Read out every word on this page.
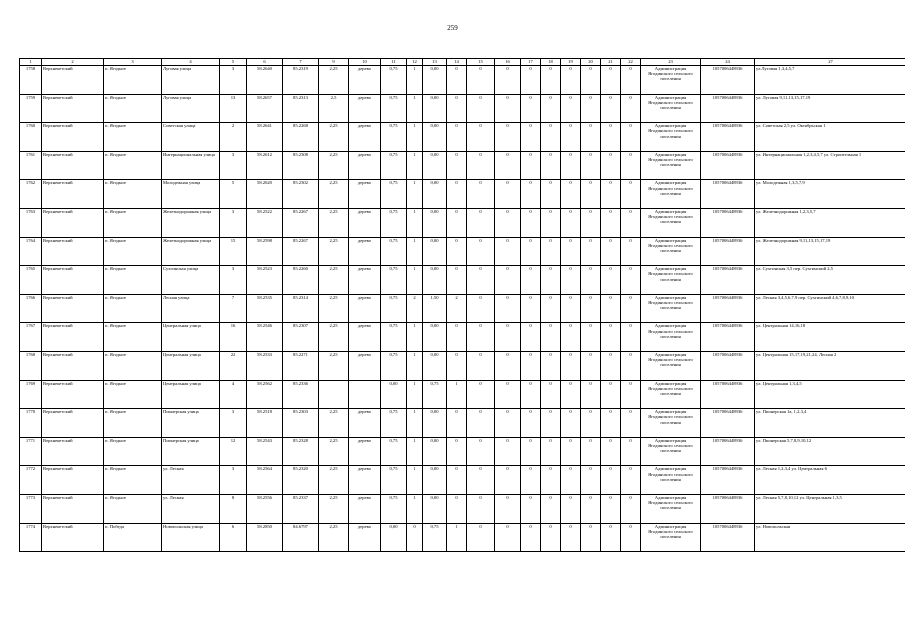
259
1	2	3	4	5	6	7	9	10	11	12	13	14	15	16	17	18	19	20	21	22	23	24	27
1758	Верхнекетский	п. Ягодное	Луговая улица	3	58.2640	85.2319	2,25	дерево	0,75	1	0,00	0	0	0	0	0	0	0	0	0	Администрация Ягодинского сельского поселения	1057006448936	ул.Луговая 1,3,4,5,7
1759	Верхнекетский	п. Ягодное	Луговая улица	13	58.2657	85.2313	2,5	дерево	0,75	1	0,00	0	0	0	0	0	0	0	0	0	Администрация Ягодинского сельского поселения	1057006448936	ул. Луговая 9,11,13,15,17,19
1760	Верхнекетский	п. Ягодное	Советская улица	2	58.2641	85.2268	2,25	дерево	0,75	1	0,00	0	0	0	0	0	0	0	0	0	Администрация Ягодинского сельского поселения	1057006448936	ул. Советская 2,5 ул. Октябрьская 1
1761	Верхнекетский	п. Ягодное	Интернациональная улица	3	58.2612	85.2308	2,25	дерево	0,75	1	0,00	0	0	0	0	0	0	0	0	0	Администрация Ягодинского сельского поселения	1057006448936	ул. Интернациональная 1,2,3,4,5,7 ул. Строительная 1
1762	Верхнекетский	п. Ягодное	Молодежная улица	5	58.2620	85.2302	2,25	дерево	0,75	1	0,00	0	0	0	0	0	0	0	0	0	Администрация Ягодинского сельского поселения	1057006448936	ул. Молодежная 1,3,5,7,9
1763	Верхнекетский	п. Ягодное	Железнодорожная улица	3	58.2522	85.2267	2,25	дерево	0,75	1	0,00	0	0	0	0	0	0	0	0	0	Администрация Ягодинского сельского поселения	1057006448936	ул. Железнодорожная 1,2,3,5,7
1764	Верхнекетский	п. Ягодное	Железнодорожная улица	15	58.2598	85.2267	2,25	дерево	0,75	1	0,00	0	0	0	0	0	0	0	0	0	Администрация Ягодинского сельского поселения	1057006448936	ул. Железнодорожная 9,11,13,15,17,19
1765	Верхнекетский	п. Ягодное	Сухгинская улица	3	58.2523	85.2260	2,25	дерево	0,75	1	0,00	0	0	0	0	0	0	0	0	0	Администрация Ягодинского сельского поселения	1057006448936	ул. Сухгинская 3,5 пер. Сухгинский 2,5
1766	Верхнекетский	п. Ягодное	Лесная улица	7	58.2535	85.2314	2,25	дерево	0,75	2	1,50	2	0	0	0	0	0	0	0	0	Администрация Ягодинского сельского поселения	1057006448936	ул. Лесная 3,4,5,6,7,9 пер. Сухгинский 4,6,7,8,9,10
1767	Верхнекетский	п. Ягодное	Центральная улица	16	58.2546	85.2307	2,25	дерево	0,75	1	0,00	0	0	0	0	0	0	0	0	0	Администрация Ягодинского сельского поселения	1057006448936	ул. Центральная 14,16,18
1768	Верхнекетский	п. Ягодное	Центральная улица	22	58.2533	85.2271	2,25	дерево	0,75	1	0,00	0	0	0	0	0	0	0	0	0	Администрация Ягодинского сельского поселения	1057006448936	ул. Центральная 15,17,19,21,24, Лесная 2
1769	Верхнекетский	п. Ягодное	Центральная улица	4	58.2562	85.2336			0,00	1	0,75	1	0	0	0	0	0	0	0	0	Администрация Ягодинского сельского поселения	1057006448936	ул. Центральная 1,3,4,5
1770	Верхнекетский	п. Ягодное	Пионерская улица	3	58.2518	85.2303	2,25	дерево	0,75	1	0,00	0	0	0	0	0	0	0	0	0	Администрация Ягодинского сельского поселения	1057006448936	ул. Пионерская 1а, 1,2,3,4
1771	Верхнекетский	п. Ягодное	Пионерская улица	12	58.2543	85.2328	2,25	дерево	0,75	1	0,00	0	0	0	0	0	0	0	0	0	Администрация Ягодинского сельского поселения	1057006448936	ул. Пионерская 5,7,8,9,10,12
1772	Верхнекетский	п. Ягодное	ул. Лесная	3	58.2564	85.2320	2,25	дерево	0,75	1	0,00	0	0	0	0	0	0	0	0	0	Администрация Ягодинского сельского поселения	1057006448936	ул. Лесная 1,2,3,4 ул. Центральная 6
1773	Верхнекетский	п. Ягодное	ул. Лесная	8	58.2556	85.2337	2,25	дерево	0,75	1	0,00	0	0	0	0	0	0	0	0	0	Администрация Ягодинского сельского поселения	1057006448936	ул. Лесная 5,7,8,10,12 ул. Центральная 1,3,5
1774	Верхнекетский	п. Победа	Новопольская улица	6	58.2850	84.6797	2,25	дерево	0,00	0	0,75	1	0	0	0	0	0	0	0	0	Администрация Ягодинского сельского поселения	1057006448936	ул. Новопольская
